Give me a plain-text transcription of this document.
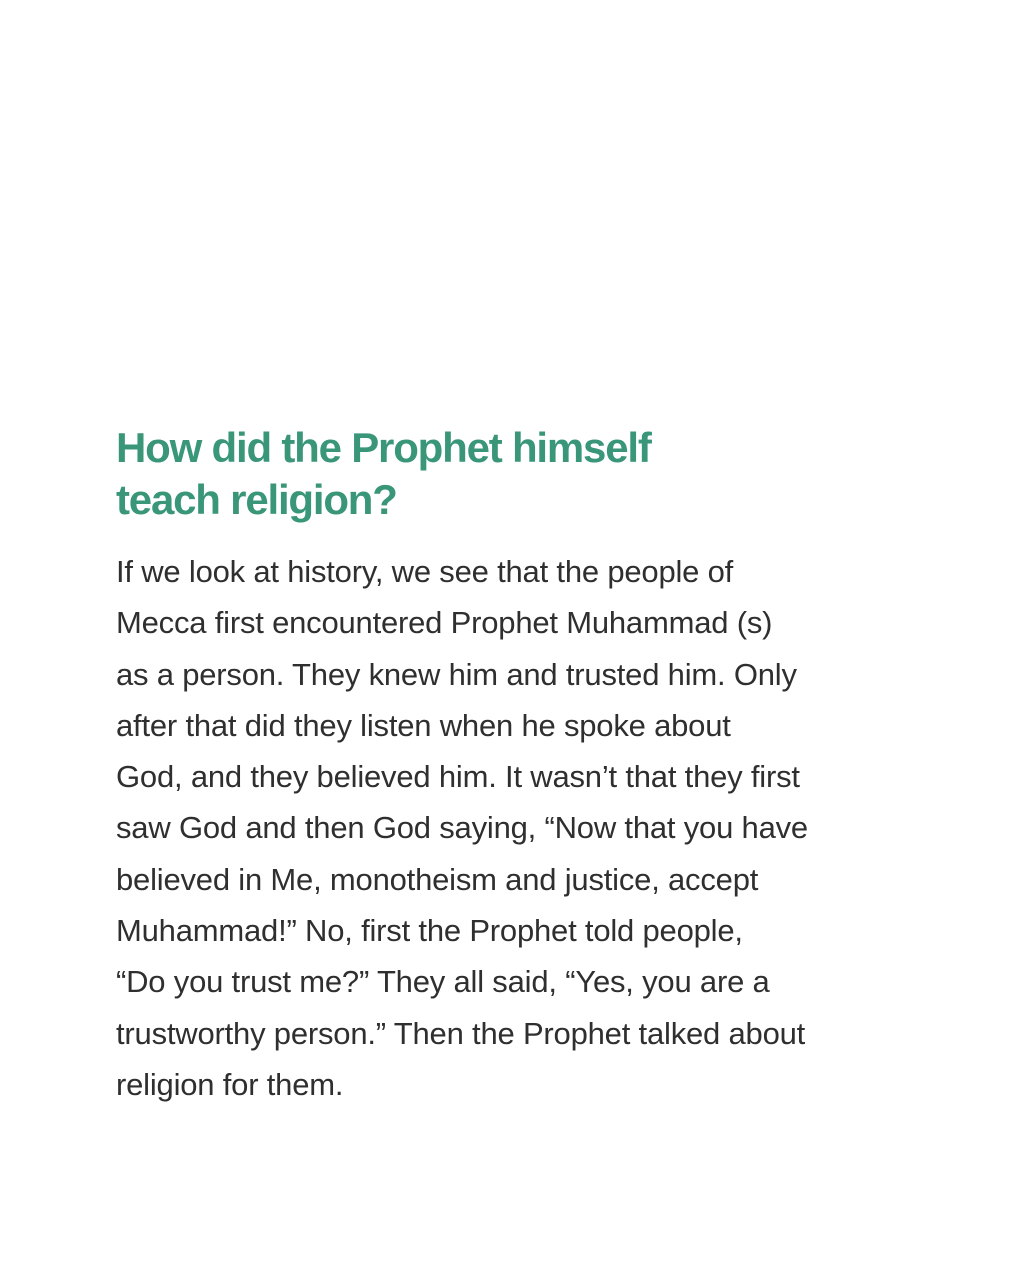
How did the Prophet himself
teach religion?

If we look at history, we see that the people of
Mecca first encountered Prophet Muhammad (s)
as a person. They knew him and trusted him. Only
after that did they listen when he spoke about
God, and they believed him. It wasn’t that they first
saw God and then God saying, “Now that you have
believed in Me, monotheism and justice, accept
Muhammad!” No, first the Prophet told people,
“Do you trust me?” They all said, “Yes, you are a
trustworthy person.” Then the Prophet talked about
religion for them.
